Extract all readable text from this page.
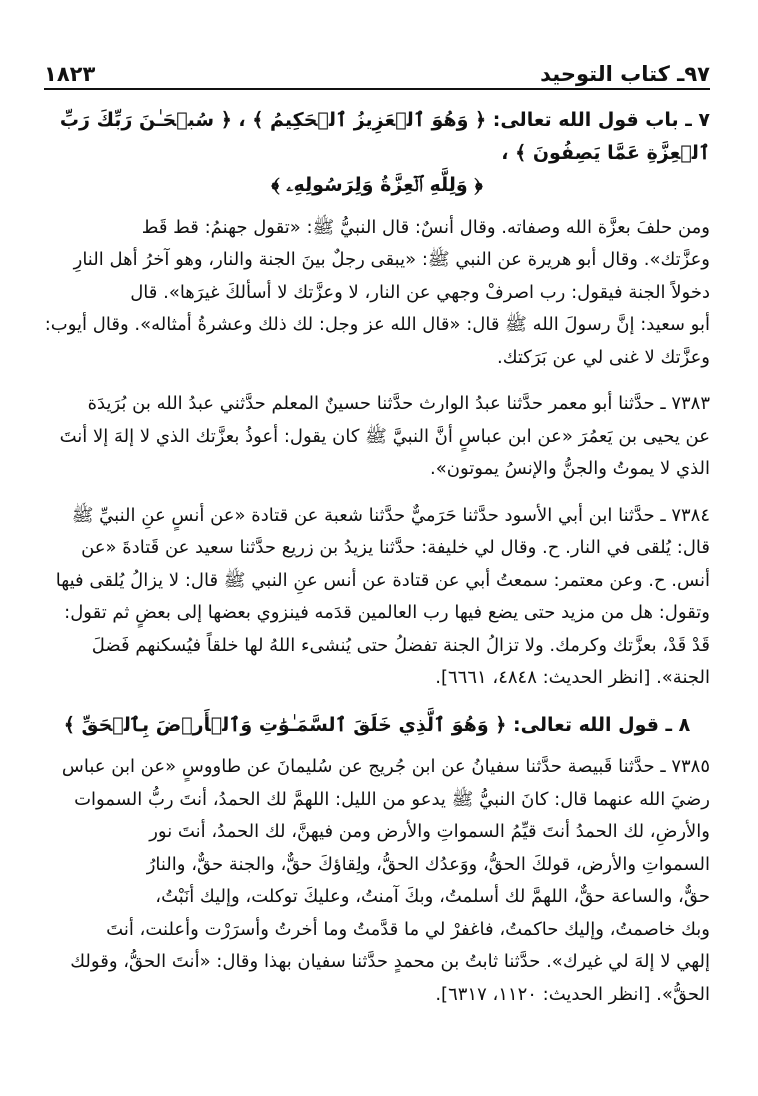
٩٧ـ كتاب التوحيد
١٨٢٣

٧ ـ باب قول الله تعالى: ﴿ وَهُوَ ٱلۡعَزِيزُ ٱلۡحَكِيمُ ﴾ ، ﴿ سُبۡحَـٰنَ رَبِّكَ رَبِّ ٱلۡعِزَّةِ عَمَّا يَصِفُونَ ﴾ ،

﴿ وَلِلَّهِ ٱلۡعِزَّةُ وَلِرَسُولِهِۦ ﴾

ومن حلفَ بعزَّة الله وصفاته. وقال أنسٌ: قال النبيُّ ﷺ: «تقول جهنمُ: قط قَط

وعزَّتك». وقال أبو هريرة عن النبي ﷺ: «يبقى رجلٌ بينَ الجنة والنار، وهو آخرُ أهل النارِ

دخولاً الجنة فيقول: رب اصرفْ وجهي عن النار، لا وعزَّتك لا أسألكَ غيرَها». قال

أبو سعيد: إنَّ رسولَ الله ﷺ قال: «قال الله عز وجل: لك ذلك وعشرةُ أمثاله». وقال أيوب:

وعزَّتك لا غنى لي عن بَرَكتك.

٧٣٨٣ ـ حدَّثنا أبو معمر حدَّثنا عبدُ الوارث حدَّثنا حسينٌ المعلم حدَّثني عبدُ الله بن بُرَيدَة

عن يحيى بن يَعمُرَ «عن ابن عباسٍ أنَّ النبيَّ ﷺ كان يقول: أعوذُ بعزَّتك الذي لا إلهَ إلا أنتَ

الذي لا يموتُ والجنُّ والإنسُ يموتون».

٧٣٨٤ ـ حدَّثنا ابن أبي الأسود حدَّثنا حَرَميٌّ حدَّثنا شعبة عن قتادة «عن أنسٍ عنِ النبيِّ ﷺ

قال: يُلقى في النار. ح. وقال لي خليفة: حدَّثنا يزيدُ بن زريع حدَّثنا سعيد عن قَتادةَ «عن

أنس. ح. وعن معتمر: سمعتُ أبي عن قتادة عن أنس عنِ النبي ﷺ قال: لا يزالُ يُلقى فيها

وتقول: هل من مزيد حتى يضع فيها رب العالمين قدَمه فينزوي بعضها إلى بعضٍ ثم تقول:

قَدْ قَدْ، بعزَّتك وكرمك. ولا تزالُ الجنة تفضلُ حتى يُنشىء اللهُ لها خلقاً فيُسكنهم فَضلَ

الجنة». [انظر الحديث: ٤٨٤٨، ٦٦٦١].

٨ ـ قول الله تعالى: ﴿ وَهُوَ ٱلَّذِي خَلَقَ ٱلسَّمَـٰوَٰتِ وَٱلۡأَرۡضَ بِٱلۡحَقِّ ﴾

٧٣٨٥ ـ حدَّثنا قَبيصة حدَّثنا سفيانُ عن ابن جُريج عن سُليمانَ عن طاووسٍ «عن ابن عباس

رضيَ الله عنهما قال: كانَ النبيُّ ﷺ يدعو من الليل: اللهمَّ لك الحمدُ، أنتَ ربُّ السموات

والأرضِ، لك الحمدُ أنتَ قيِّمُ السمواتِ والأرض ومن فيهنَّ، لك الحمدُ، أنتَ نور

السمواتِ والأرض، قولكَ الحقُّ، ووَعدُك الحقُّ، ولِقاؤكَ حقٌّ، والجنة حقٌّ، والنارُ

حقٌّ، والساعة حقٌّ، اللهمَّ لك أسلمتُ، وبكَ آمنتُ، وعليكَ توكلت، وإليك أنَبْتُ،

وبك خاصمتُ، وإليك حاكمتُ، فاغفرْ لي ما قدَّمتُ وما أخرتُ وأسرَرْت وأعلنت، أنتَ

إلهي لا إلهَ لي غيرك». حدَّثنا ثابتُ بن محمدٍ حدَّثنا سفيان بهذا وقال: «أنتَ الحقُّ، وقولك

الحقُّ». [انظر الحديث: ١١٢٠، ٦٣١٧].
